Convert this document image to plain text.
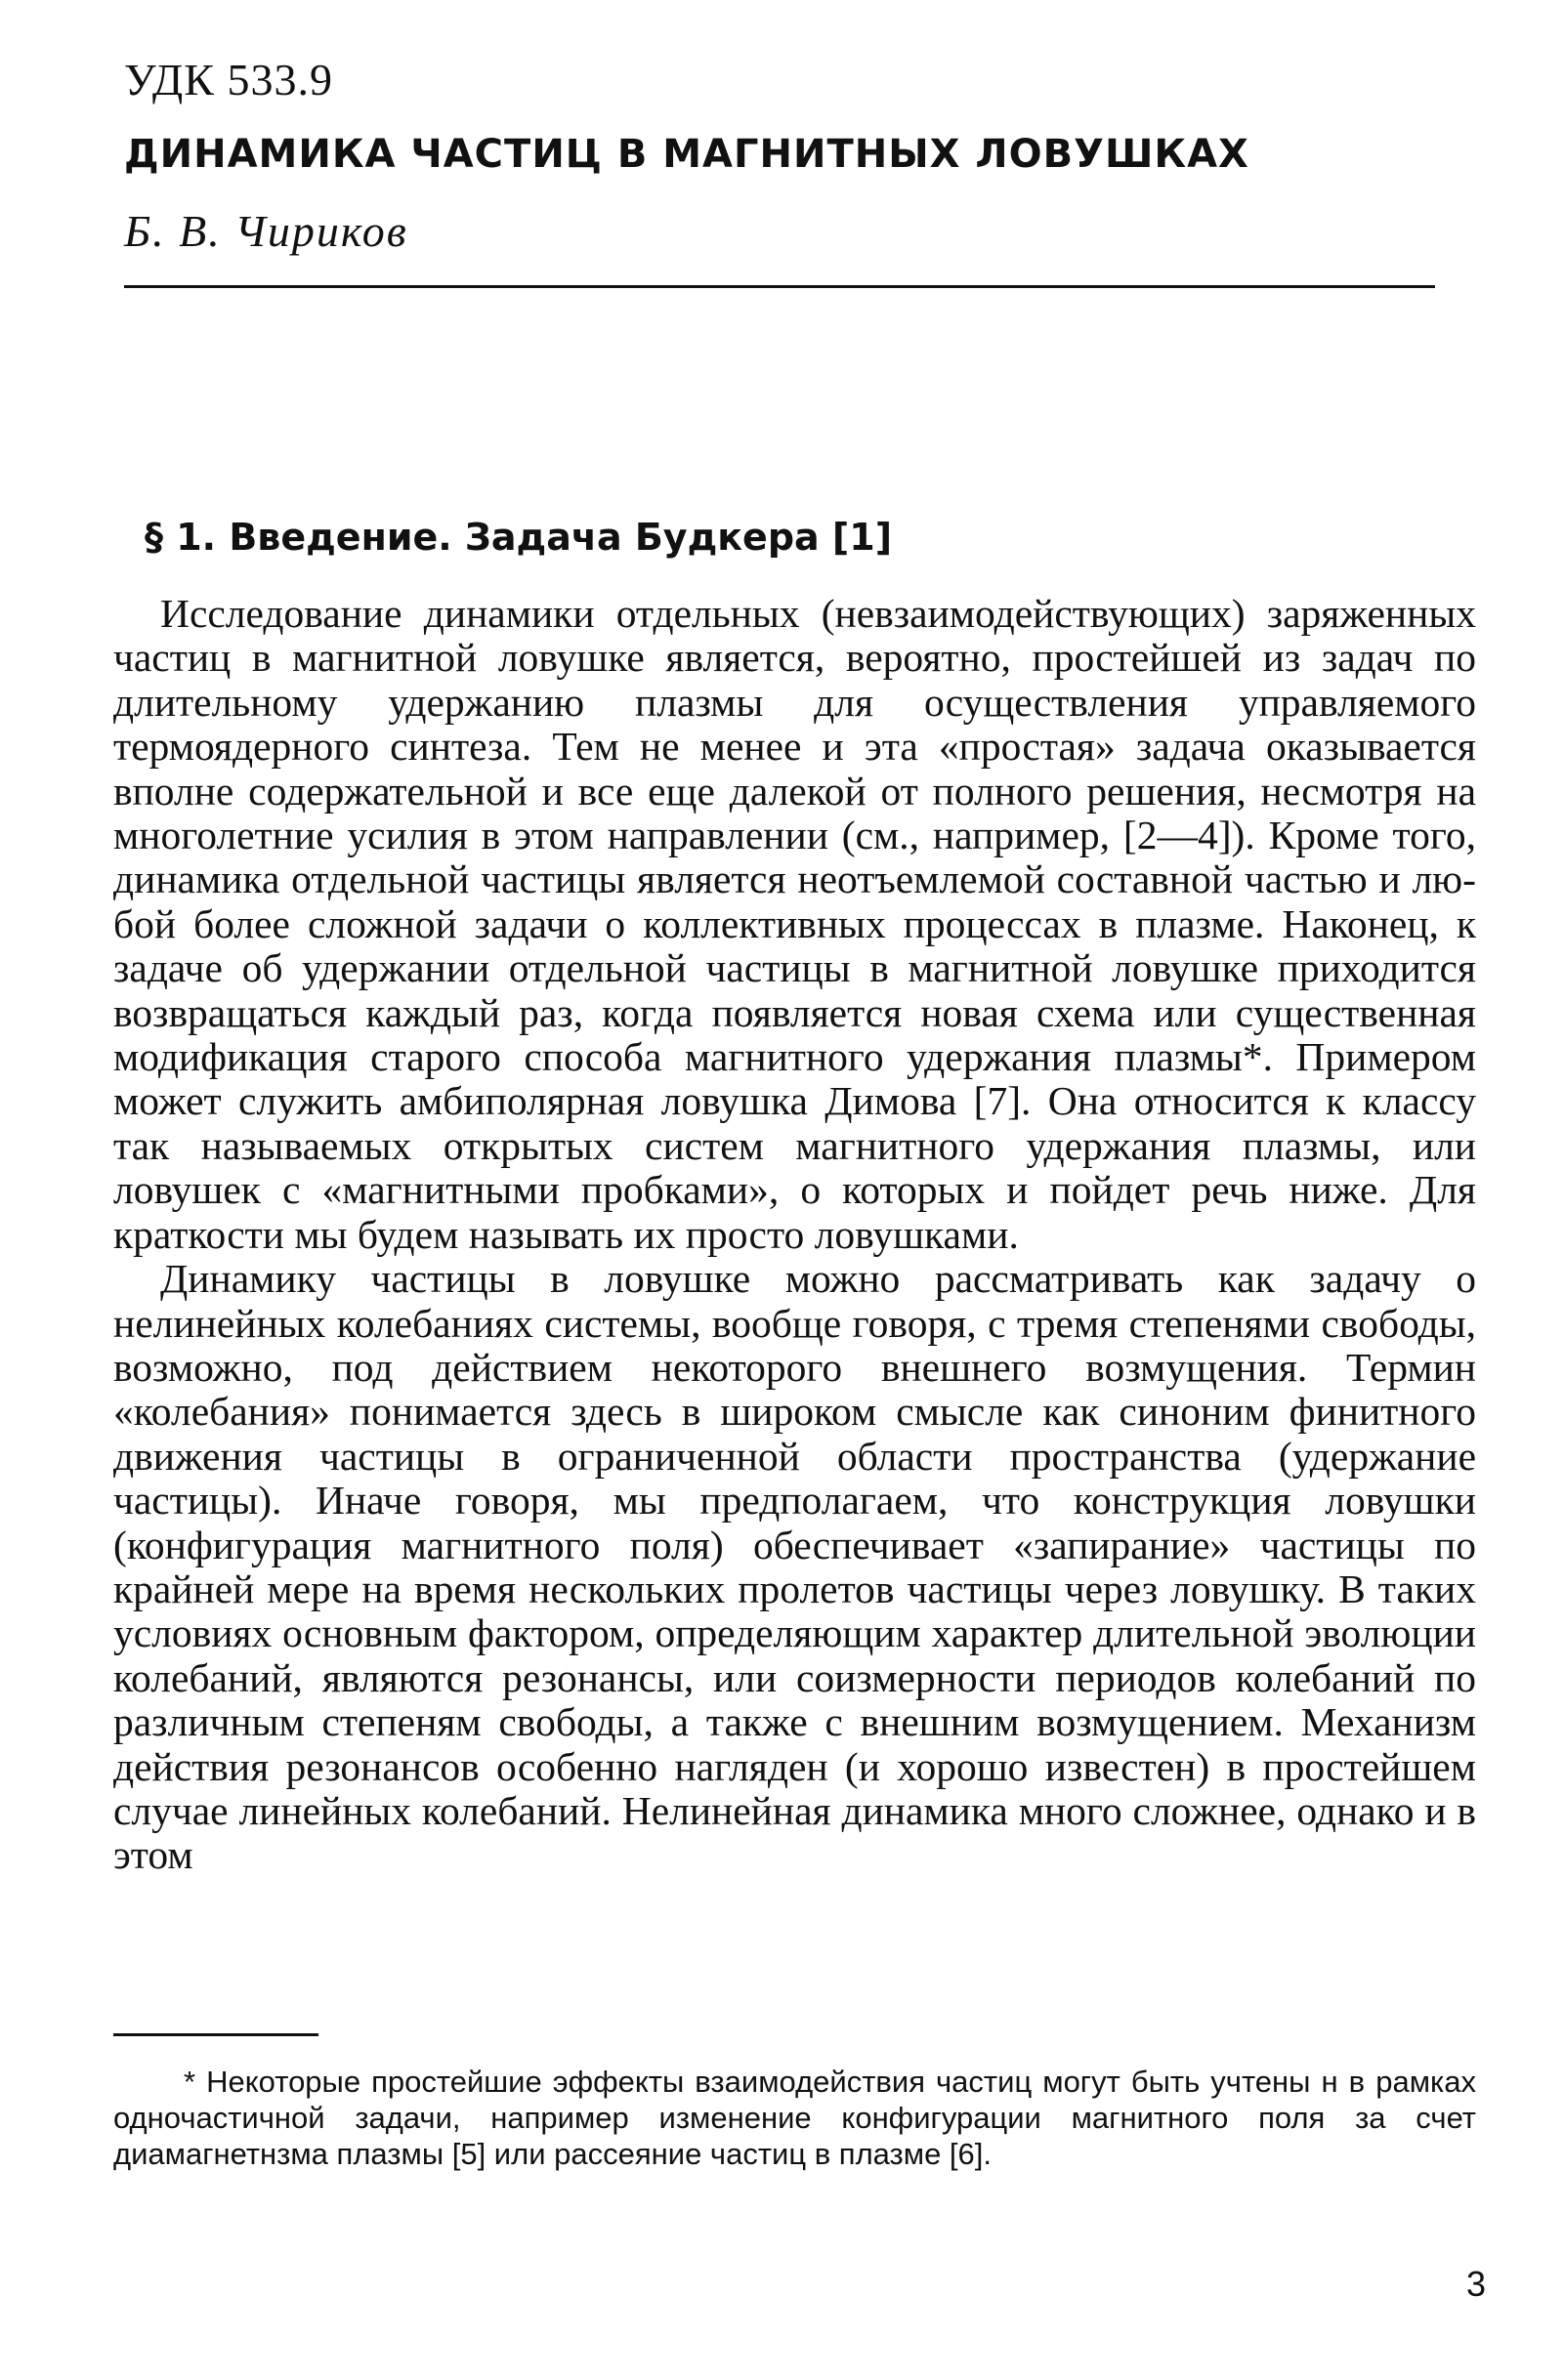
УДК 533.9
ДИНАМИКА ЧАСТИЦ В МАГНИТНЫХ ЛОВУШКАХ
Б. В. Чириков
§ 1. Введение. Задача Будкера [1]

Исследование динамики отдельных (невзаимодействующих) заряженных частиц в магнитной ловушке является, вероятно, простейшей из задач по длительному удержанию плазмы для осуществления управляемого термоядерного синтеза. Тем не менее и эта «простая» задача оказывается вполне содержательной и все еще далекой от полного решения, несмотря на многолетние усилия в этом направлении (см., например, [2—4]). Кроме того, динамика отдельной частицы является неотъемлемой составной частью и любой более сложной задачи о коллективных процессах в плазме. Наконец, к задаче об удержании отдельной частицы в магнитной ловушке приходится возвращаться каждый раз, когда появляется новая схема или существенная модификация старого способа магнитного удержания плазмы*. Примером может служить амбиполярная ловушка Димова [7]. Она относится к классу так называемых открытых систем магнитного удержания плазмы, или ловушек с «магнитными пробками», о которых и пойдет речь ниже. Для краткости мы будем называть их просто ловушками.

Динамику частицы в ловушке можно рассматривать как задачу о нелинейных колебаниях системы, вообще говоря, с тремя степенями свободы, возможно, под действием некоторого внешнего возмущения. Термин «колебания» понимается здесь в широком смысле как синоним финитного движения частицы в ограниченной области пространства (удержание частицы). Иначе говоря, мы предполагаем, что конструкция ловушки (конфигурация магнитного поля) обеспечивает «запирание» частицы по крайней мере на время нескольких пролетов частицы через ловушку. В таких условиях основным фактором, определяющим характер длительной эволюции колебаний, являются резонансы, или соизмерности периодов колебаний по различным степеням свободы, а также с внешним возмущением. Механизм действия резонансов особенно нагляден (и хорошо известен) в простейшем случае линейных колебаний. Нелинейная динамика много сложнее, однако и в этом

* Некоторые простейшие эффекты взаимодействия частиц могут быть учтены н в рамках одночастичной задачи, например изменение конфигурации магнитного поля за счет диамагнетнзма плазмы [5] или рассеяние частиц в плазме [6].

3
